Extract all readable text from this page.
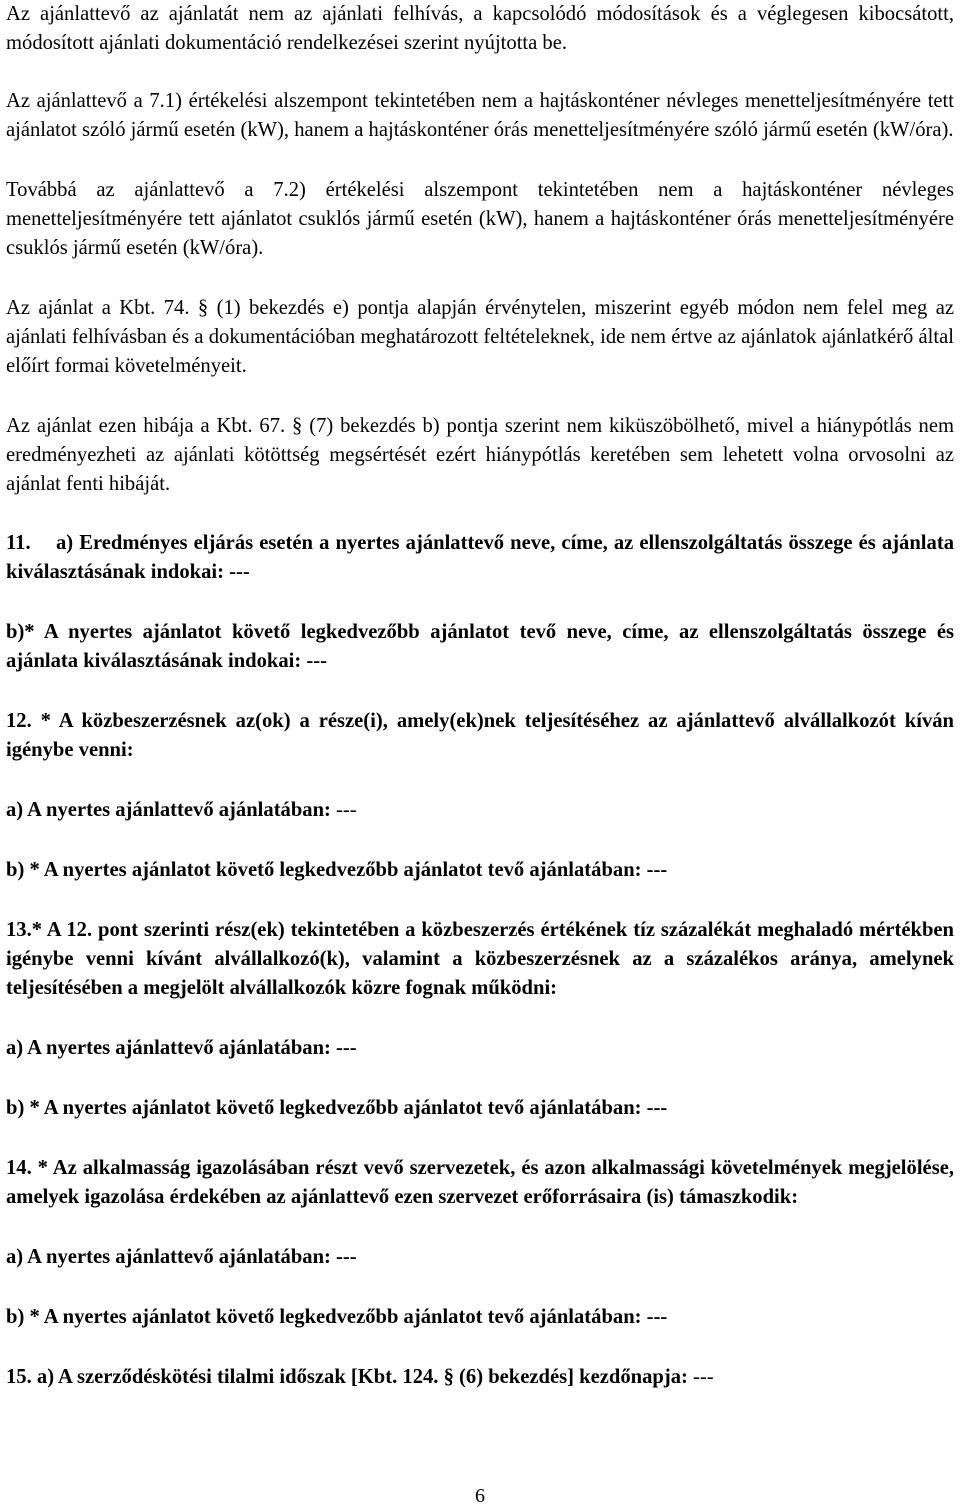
Az ajánlattevő az ajánlatát nem az ajánlati felhívás, a kapcsolódó módosítások és a véglegesen kibocsátott, módosított ajánlati dokumentáció rendelkezései szerint nyújtotta be.

Az ajánlattevő a 7.1) értékelési alszempont tekintetében nem a hajtáskonténer névleges menetteljesítményére tett ajánlatot szóló jármű esetén (kW), hanem a hajtáskonténer órás menetteljesítményére szóló jármű esetén (kW/óra).

Továbbá az ajánlattevő a 7.2) értékelési alszempont tekintetében nem a hajtáskonténer névleges menetteljesítményére tett ajánlatot csuklós jármű esetén (kW), hanem a hajtáskonténer órás menetteljesítményére csuklós jármű esetén (kW/óra).

Az ajánlat a Kbt. 74. § (1) bekezdés e) pontja alapján érvénytelen, miszerint egyéb módon nem felel meg az ajánlati felhívásban és a dokumentációban meghatározott feltételeknek, ide nem értve az ajánlatok ajánlatkérő által előírt formai követelményeit.

Az ajánlat ezen hibája a Kbt. 67. § (7) bekezdés b) pontja szerint nem kiküszöbölhető, mivel a hiánypótlás nem eredményezheti az ajánlati kötöttség megsértését ezért hiánypótlás keretében sem lehetett volna orvosolni az ajánlat fenti hibáját.

11. a) Eredményes eljárás esetén a nyertes ajánlattevő neve, címe, az ellenszolgáltatás összege és ajánlata kiválasztásának indokai: ---

b)* A nyertes ajánlatot követő legkedvezőbb ajánlatot tevő neve, címe, az ellenszolgáltatás összege és ajánlata kiválasztásának indokai: ---

12. * A közbeszerzésnek az(ok) a része(i), amely(ek)nek teljesítéséhez az ajánlattevő alvállalkozót kíván igénybe venni:

a) A nyertes ajánlattevő ajánlatában: ---

b) * A nyertes ajánlatot követő legkedvezőbb ajánlatot tevő ajánlatában: ---

13.* A 12. pont szerinti rész(ek) tekintetében a közbeszerzés értékének tíz százalékát meghaladó mértékben igénybe venni kívánt alvállalkozó(k), valamint a közbeszerzésnek az a százalékos aránya, amelynek teljesítésében a megjelölt alvállalkozók közre fognak működni:

a) A nyertes ajánlattevő ajánlatában: ---

b) * A nyertes ajánlatot követő legkedvezőbb ajánlatot tevő ajánlatában: ---

14. * Az alkalmasság igazolásában részt vevő szervezetek, és azon alkalmassági követelmények megjelölése, amelyek igazolása érdekében az ajánlattevő ezen szervezet erőforrásaira (is) támaszkodik:

a) A nyertes ajánlattevő ajánlatában: ---

b) * A nyertes ajánlatot követő legkedvezőbb ajánlatot tevő ajánlatában: ---

15. a) A szerződéskötési tilalmi időszak [Kbt. 124. § (6) bekezdés] kezdőnapja: ---

6
